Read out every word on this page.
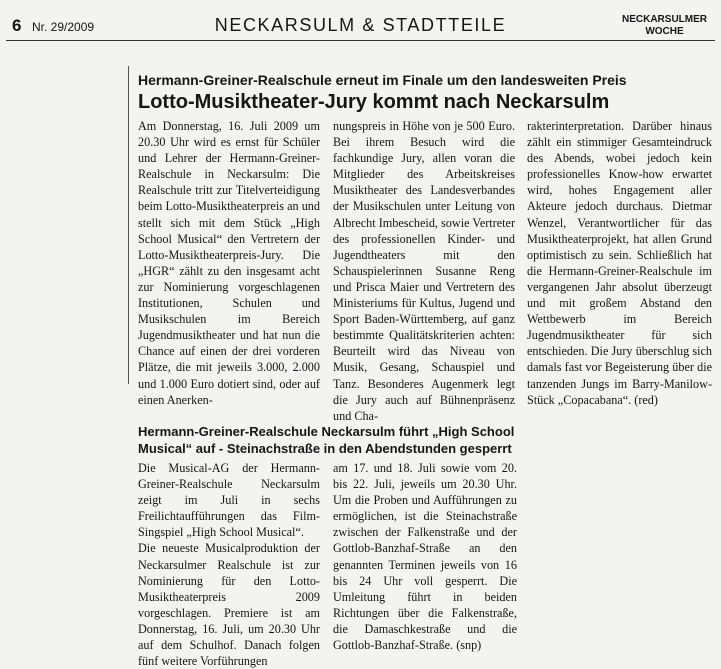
6 Nr. 29/2009	NECKARSULM & STADTTEILE	NECKARSULMER
WOCHE
Hermann-Greiner-Realschule erneut im Finale um den landesweiten Preis
Lotto-Musiktheater-Jury kommt nach Neckarsulm

Am Donnerstag, 16. Juli 2009 um 20.30 Uhr wird es ernst für Schüler und Lehrer der Hermann-Greiner-Realschule in Neckarsulm: Die Realschule tritt zur Titelverteidigung beim Lotto-Musiktheaterpreis an und stellt sich mit dem Stück „High School Musical“ den Vertretern der Lotto-Musiktheaterpreis-Jury. Die „HGR“ zählt zu den insgesamt acht zur Nominierung vorgeschlagenen Institutionen, Schulen und Musikschulen im Bereich Jugendmusiktheater und hat nun die Chance auf einen der drei vorderen Plätze, die mit jeweils 3.000, 2.000 und 1.000 Euro dotiert sind, oder auf einen Anerken-

nungspreis in Höhe von je 500 Euro. Bei ihrem Besuch wird die fachkundige Jury, allen voran die Mitglieder des Arbeitskreises Musiktheater des Landesverbandes der Musikschulen unter Leitung von Albrecht Imbescheid, sowie Vertreter des professionellen Kinder- und Jugendtheaters mit den Schauspielerinnen Susanne Reng und Prisca Maier und Vertretern des Ministeriums für Kultus, Jugend und Sport Baden-Württemberg, auf ganz bestimmte Qualitätskriterien achten: Beurteilt wird das Niveau von Musik, Gesang, Schauspiel und Tanz. Besonderes Augenmerk legt die Jury auch auf Bühnenpräsenz und Cha-

rakterinterpretation. Darüber hinaus zählt ein stimmiger Gesamteindruck des Abends, wobei jedoch kein professionelles Know-how erwartet wird, hohes Engagement aller Akteure jedoch durchaus. Dietmar Wenzel, Verantwortlicher für das Musiktheaterprojekt, hat allen Grund optimistisch zu sein. Schließlich hat die Hermann-Greiner-Realschule im vergangenen Jahr absolut überzeugt und mit großem Abstand den Wettbewerb im Bereich Jugendmusiktheater für sich entschieden. Die Jury überschlug sich damals fast vor Begeisterung über die tanzenden Jungs im Barry-Manilow-Stück „Copacabana“. (red)

Hermann-Greiner-Realschule Neckarsulm führt „High School
Musical“ auf - Steinachstraße in den Abendstunden gesperrt

Die Musical-AG der Hermann-Greiner-Realschule Neckarsulm zeigt im Juli in sechs Freilichtaufführungen das Film-Singspiel „High School Musical“.

Die neueste Musicalproduktion der Neckarsulmer Realschule ist zur Nominierung für den Lotto-Musiktheaterpreis 2009 vorgeschlagen. Premiere ist am Donnerstag, 16. Juli, um 20.30 Uhr auf dem Schulhof. Danach folgen fünf weitere Vorführungen

am 17. und 18. Juli sowie vom 20. bis 22. Juli, jeweils um 20.30 Uhr. Um die Proben und Aufführungen zu ermöglichen, ist die Steinachstraße zwischen der Falkenstraße und der Gottlob-Banzhaf-Straße an den genannten Terminen jeweils von 16 bis 24 Uhr voll gesperrt. Die Umleitung führt in beiden Richtungen über die Falkenstraße, die Damaschkestraße und die Gottlob-Banzhaf-Straße. (snp)
